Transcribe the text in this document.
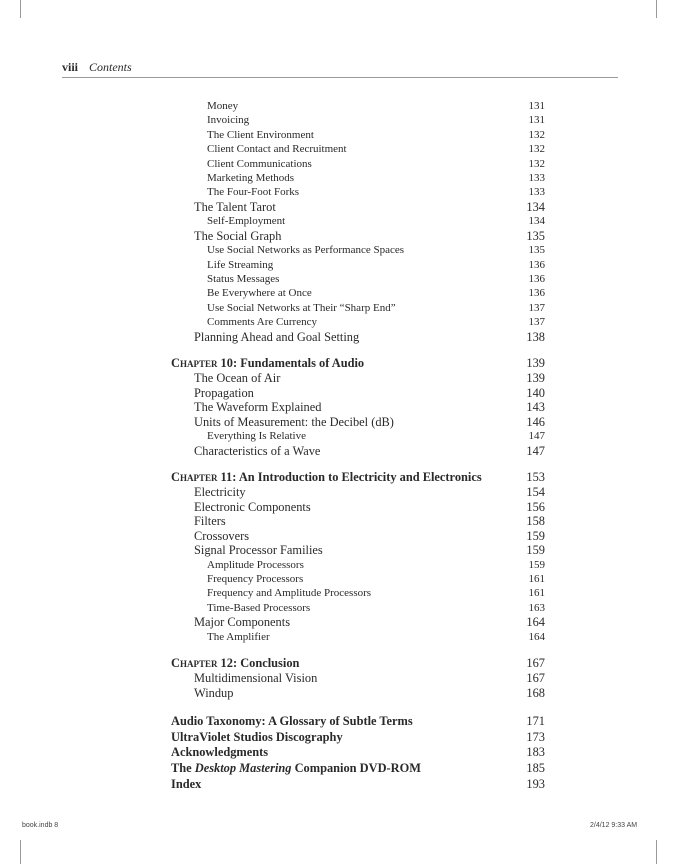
viii Contents
Money	131
Invoicing	131
The Client Environment	132
Client Contact and Recruitment	132
Client Communications	132
Marketing Methods	133
The Four-Foot Forks	133
The Talent Tarot	134
Self-Employment	134
The Social Graph	135
Use Social Networks as Performance Spaces	135
Life Streaming	136
Status Messages	136
Be Everywhere at Once	136
Use Social Networks at Their “Sharp End”	137
Comments Are Currency	137
Planning Ahead and Goal Setting	138
Chapter 10: Fundamentals of Audio	139
The Ocean of Air	139
Propagation	140
The Waveform Explained	143
Units of Measurement: the Decibel (dB)	146
Everything Is Relative	147
Characteristics of a Wave	147
Chapter 11: An Introduction to Electricity and Electronics	153
Electricity	154
Electronic Components	156
Filters	158
Crossovers	159
Signal Processor Families	159
Amplitude Processors	159
Frequency Processors	161
Frequency and Amplitude Processors	161
Time-Based Processors	163
Major Components	164
The Amplifier	164
Chapter 12: Conclusion	167
Multidimensional Vision	167
Windup	168
Audio Taxonomy: A Glossary of Subtle Terms	171
UltraViolet Studios Discography	173
Acknowledgments	183
The Desktop Mastering Companion DVD-ROM	185
Index	193
book.indb 8	2/4/12 9:33 AM
